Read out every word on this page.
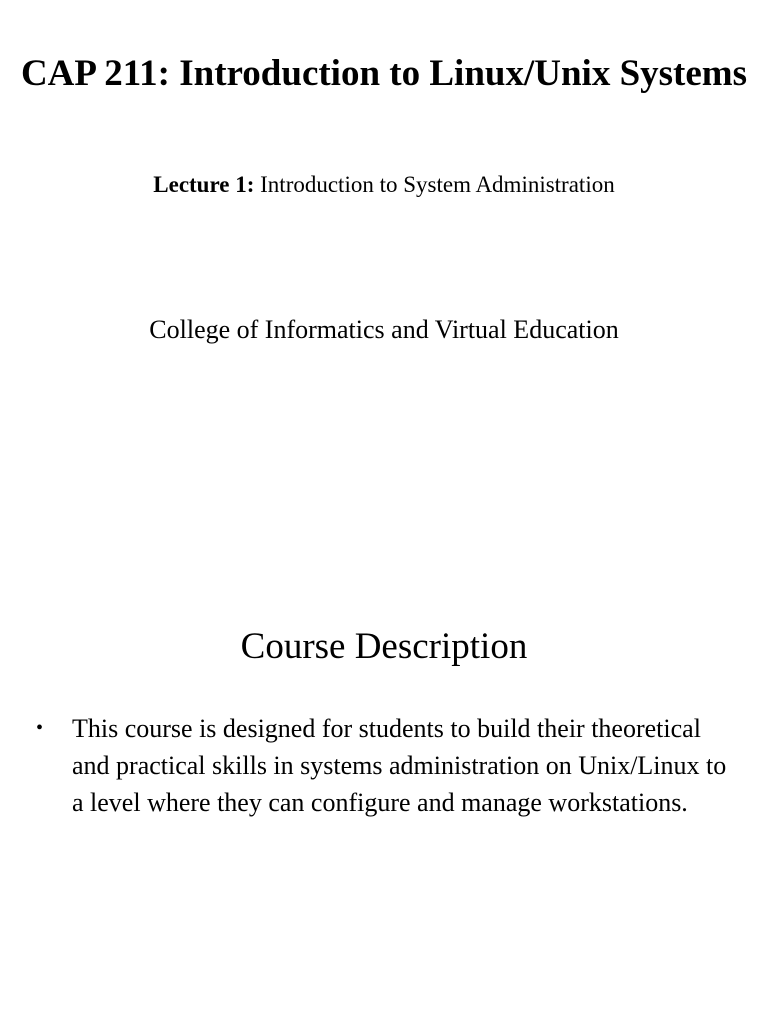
CAP 211: Introduction to Linux/Unix Systems

Lecture 1: Introduction to System Administration

College of Informatics and Virtual Education

Course Description
• This course is designed for students to build their theoretical and practical skills in systems administration on Unix/Linux to a level where they can configure and manage workstations.
